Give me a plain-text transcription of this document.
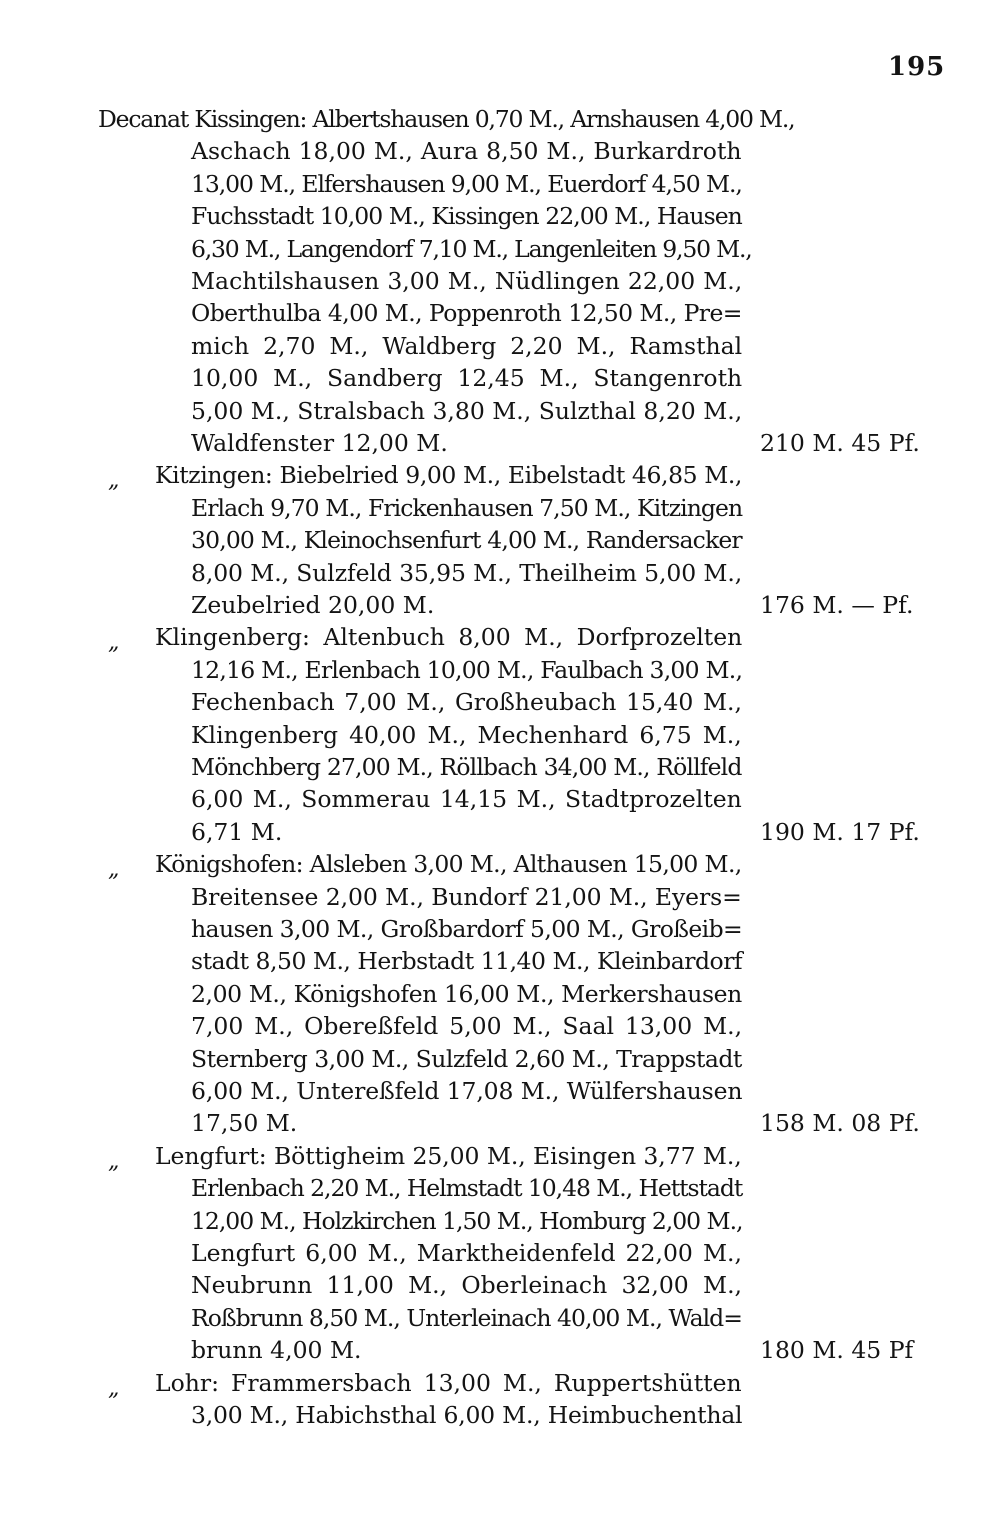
195
Decanat Kissingen: Albertshausen 0,70 M., Arnshausen 4,00 M.,
Aschach 18,00 M., Aura 8,50 M., Burkardroth
13,00 M., Elfershausen 9,00 M., Euerdorf 4,50 M.,
Fuchsstadt 10,00 M., Kissingen 22,00 M., Hausen
6,30 M., Langendorf 7,10 M., Langenleiten 9,50 M.,
Machtilshausen 3,00 M., Nüdlingen 22,00 M.,
Oberthulba 4,00 M., Poppenroth 12,50 M., Pre=
mich 2,70 M., Waldberg 2,20 M., Ramsthal
10,00 M., Sandberg 12,45 M., Stangenroth
5,00 M., Stralsbach 3,80 M., Sulzthal 8,20 M.,
Waldfenster 12,00 M.	210 M. 45 Pf.
„ Kitzingen: Biebelried 9,00 M., Eibelstadt 46,85 M.,
Erlach 9,70 M., Frickenhausen 7,50 M., Kitzingen
30,00 M., Kleinochsenfurt 4,00 M., Randersacker
8,00 M., Sulzfeld 35,95 M., Theilheim 5,00 M.,
Zeubelried 20,00 M.	176 M. — Pf.
„ Klingenberg: Altenbuch 8,00 M., Dorfprozelten
12,16 M., Erlenbach 10,00 M., Faulbach 3,00 M.,
Fechenbach 7,00 M., Großheubach 15,40 M.,
Klingenberg 40,00 M., Mechenhard 6,75 M.,
Mönchberg 27,00 M., Röllbach 34,00 M., Röllfeld
6,00 M., Sommerau 14,15 M., Stadtprozelten
6,71 M.	190 M. 17 Pf.
„ Königshofen: Alsleben 3,00 M., Althausen 15,00 M.,
Breitensee 2,00 M., Bundorf 21,00 M., Eyers=
hausen 3,00 M., Großbardorf 5,00 M., Großeib=
stadt 8,50 M., Herbstadt 11,40 M., Kleinbardorf
2,00 M., Königshofen 16,00 M., Merkershausen
7,00 M., Obereßfeld 5,00 M., Saal 13,00 M.,
Sternberg 3,00 M., Sulzfeld 2,60 M., Trappstadt
6,00 M., Untereßfeld 17,08 M., Wülfershausen
17,50 M.	158 M. 08 Pf.
„ Lengfurt: Böttigheim 25,00 M., Eisingen 3,77 M.,
Erlenbach 2,20 M., Helmstadt 10,48 M., Hettstadt
12,00 M., Holzkirchen 1,50 M., Homburg 2,00 M.,
Lengfurt 6,00 M., Marktheidenfeld 22,00 M.,
Neubrunn 11,00 M., Oberleinach 32,00 M.,
Roßbrunn 8,50 M., Unterleinach 40,00 M., Wald=
brunn 4,00 M.	180 M. 45 Pf
„ Lohr: Frammersbach 13,00 M., Ruppertshütten
3,00 M., Habichsthal 6,00 M., Heimbuchenthal
